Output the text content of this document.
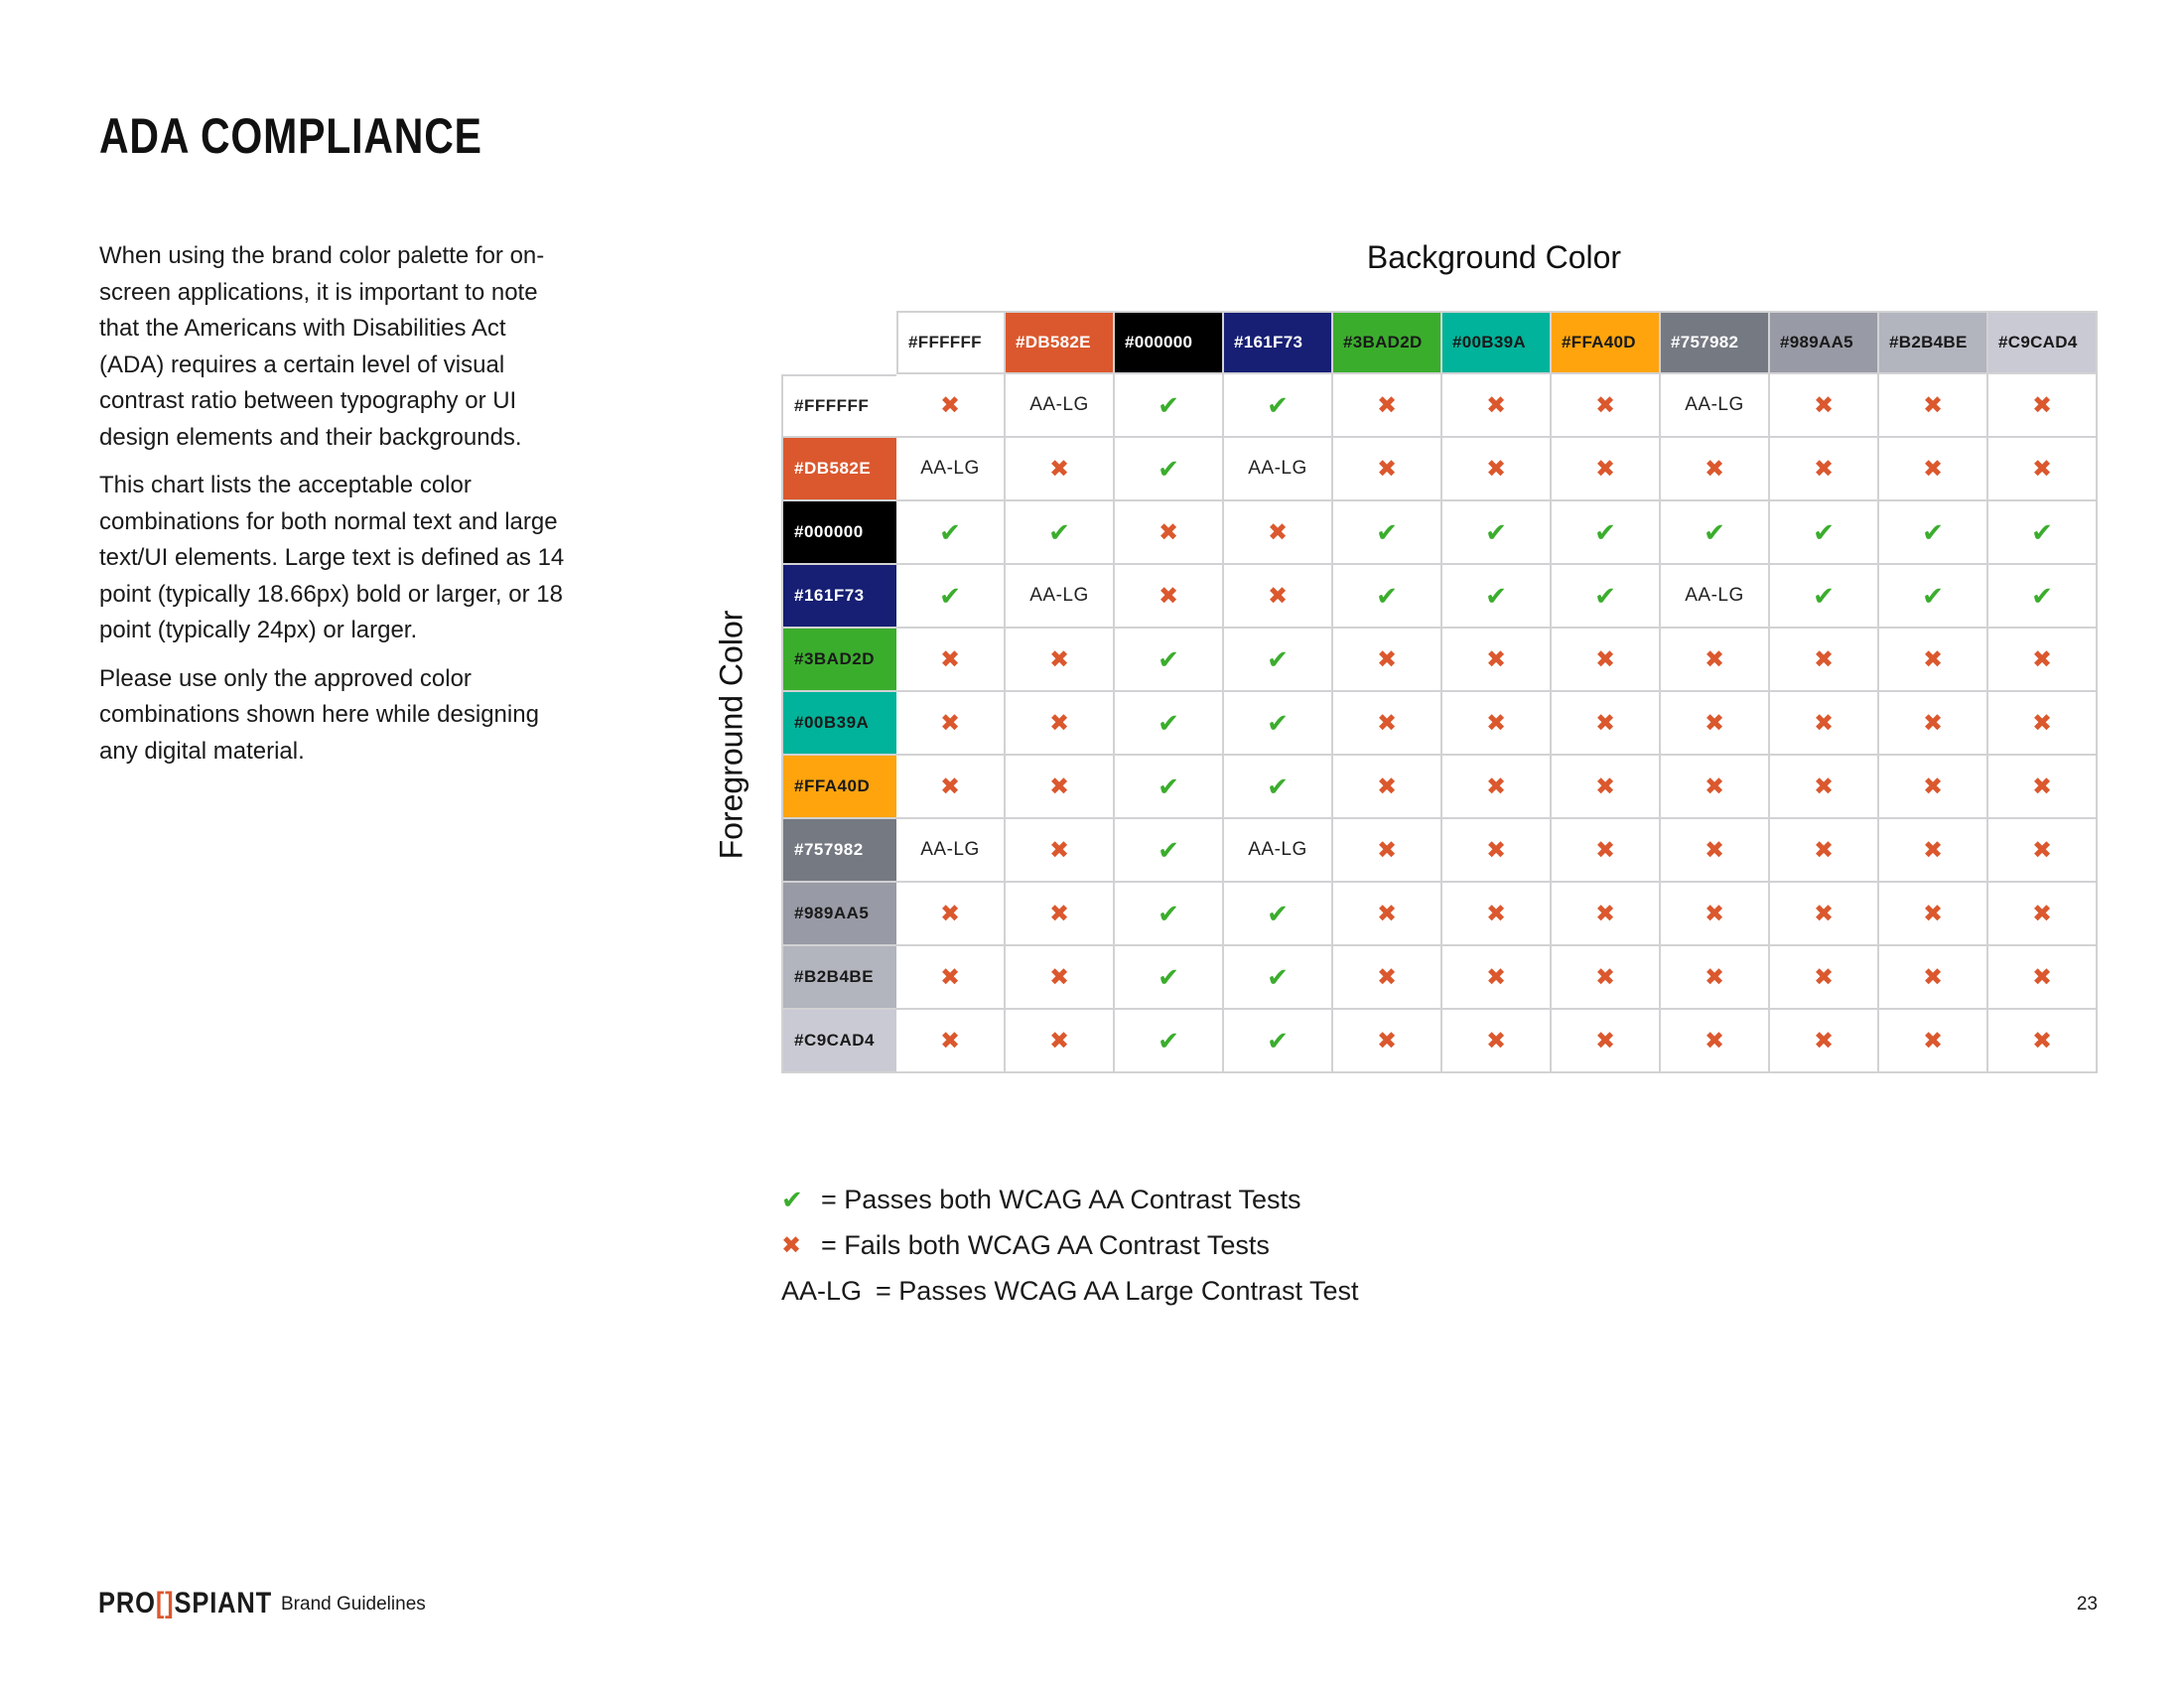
ADA COMPLIANCE

When using the brand color palette for on-screen applications, it is important to note that the Americans with Disabilities Act (ADA) requires a certain level of visual contrast ratio between typography or UI design elements and their backgrounds.

This chart lists the acceptable color combinations for both normal text and large text/UI elements. Large text is defined as 14 point (typically 18.66px) bold or larger, or 18 point (typically 24px) or larger.

Please use only the approved color combinations shown here while designing any digital material.

Background Color
Foreground Color
#FFFFFF	#DB582E	#000000	#161F73	#3BAD2D	#00B39A	#FFA40D	#757982	#989AA5	#B2B4BE	#C9CAD4
#FFFFFF	✖	AA-LG	✔	✔	✖	✖	✖	AA-LG	✖	✖	✖
#DB582E	AA-LG	✖	✔	AA-LG	✖	✖	✖	✖	✖	✖	✖
#000000	✔	✔	✖	✖	✔	✔	✔	✔	✔	✔	✔
#161F73	✔	AA-LG	✖	✖	✔	✔	✔	AA-LG	✔	✔	✔
#3BAD2D	✖	✖	✔	✔	✖	✖	✖	✖	✖	✖	✖
#00B39A	✖	✖	✔	✔	✖	✖	✖	✖	✖	✖	✖
#FFA40D	✖	✖	✔	✔	✖	✖	✖	✖	✖	✖	✖
#757982	AA-LG	✖	✔	AA-LG	✖	✖	✖	✖	✖	✖	✖
#989AA5	✖	✖	✔	✔	✖	✖	✖	✖	✖	✖	✖
#B2B4BE	✖	✖	✔	✔	✖	✖	✖	✖	✖	✖	✖
#C9CAD4	✖	✖	✔	✔	✖	✖	✖	✖	✖	✖	✖
✔ = Passes both WCAG AA Contrast Tests
✖ = Fails both WCAG AA Contrast Tests
AA-LG = Passes WCAG AA Large Contrast Test
PRO[]SPIANT Brand Guidelines	23
